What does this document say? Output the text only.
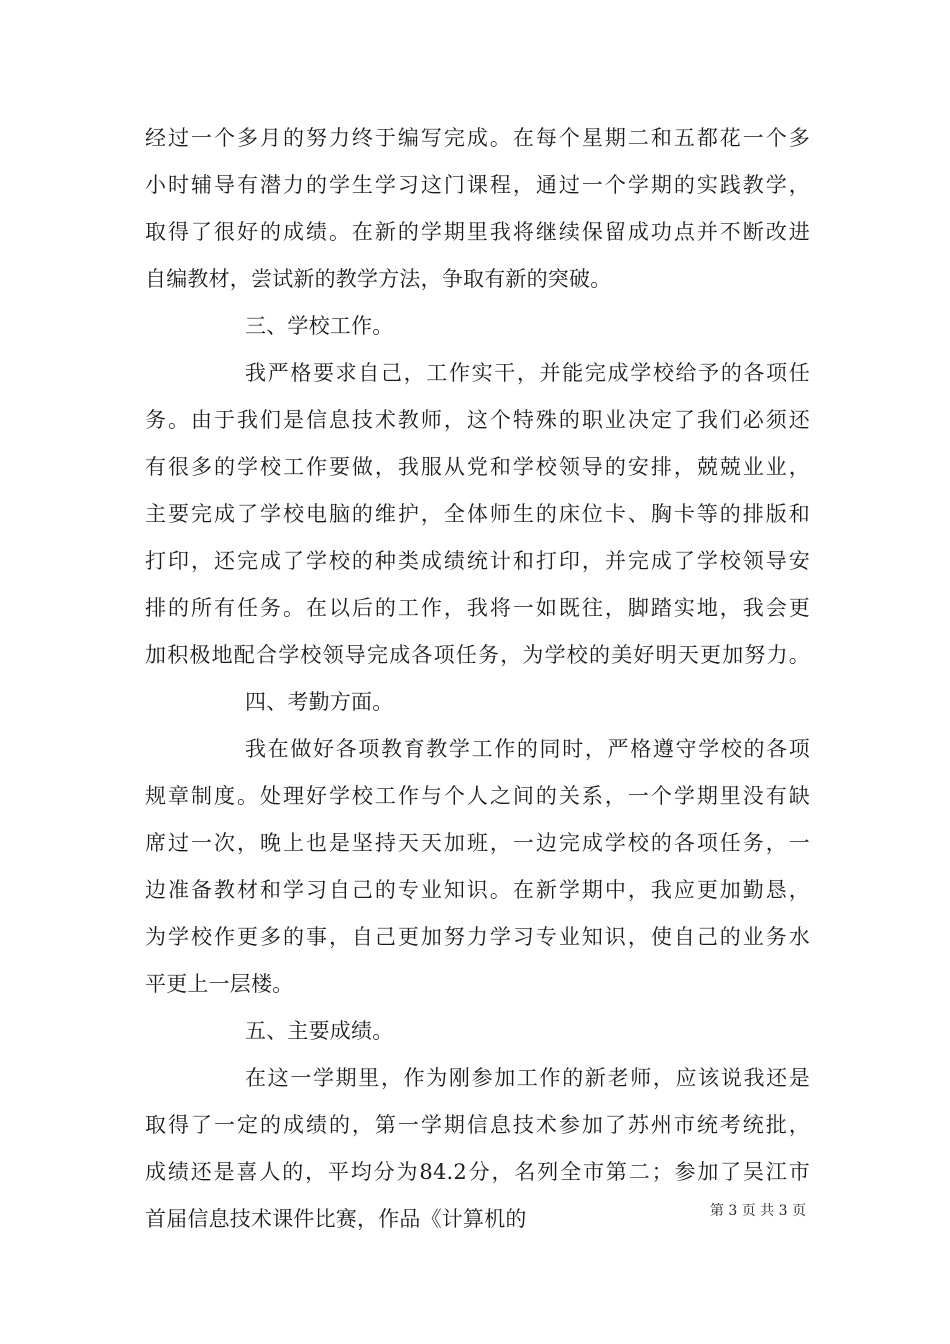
经过一个多月的努力终于编写完成。在每个星期二和五都花一个多
小时辅导有潜力的学生学习这门课程，通过一个学期的实践教学，
取得了很好的成绩。在新的学期里我将继续保留成功点并不断改进
自编教材，尝试新的教学方法，争取有新的突破。
三、学校工作。
我严格要求自己，工作实干，并能完成学校给予的各项任
务。由于我们是信息技术教师，这个特殊的职业决定了我们必须还
有很多的学校工作要做，我服从党和学校领导的安排，兢兢业业，
主要完成了学校电脑的维护，全体师生的床位卡、胸卡等的排版和
打印，还完成了学校的种类成绩统计和打印，并完成了学校领导安
排的所有任务。在以后的工作，我将一如既往，脚踏实地，我会更
加积极地配合学校领导完成各项任务，为学校的美好明天更加努力。
四、考勤方面。
我在做好各项教育教学工作的同时，严格遵守学校的各项
规章制度。处理好学校工作与个人之间的关系，一个学期里没有缺
席过一次，晚上也是坚持天天加班，一边完成学校的各项任务，一
边准备教材和学习自己的专业知识。在新学期中，我应更加勤恳，
为学校作更多的事，自己更加努力学习专业知识，使自己的业务水
平更上一层楼。
五、主要成绩。
在这一学期里，作为刚参加工作的新老师，应该说我还是
取得了一定的成绩的，第一学期信息技术参加了苏州市统考统批，
成绩还是喜人的，平均分为84.2分，名列全市第二；参加了吴江市
首届信息技术课件比赛，作品《计算机的	第 3 页 共 3 页
